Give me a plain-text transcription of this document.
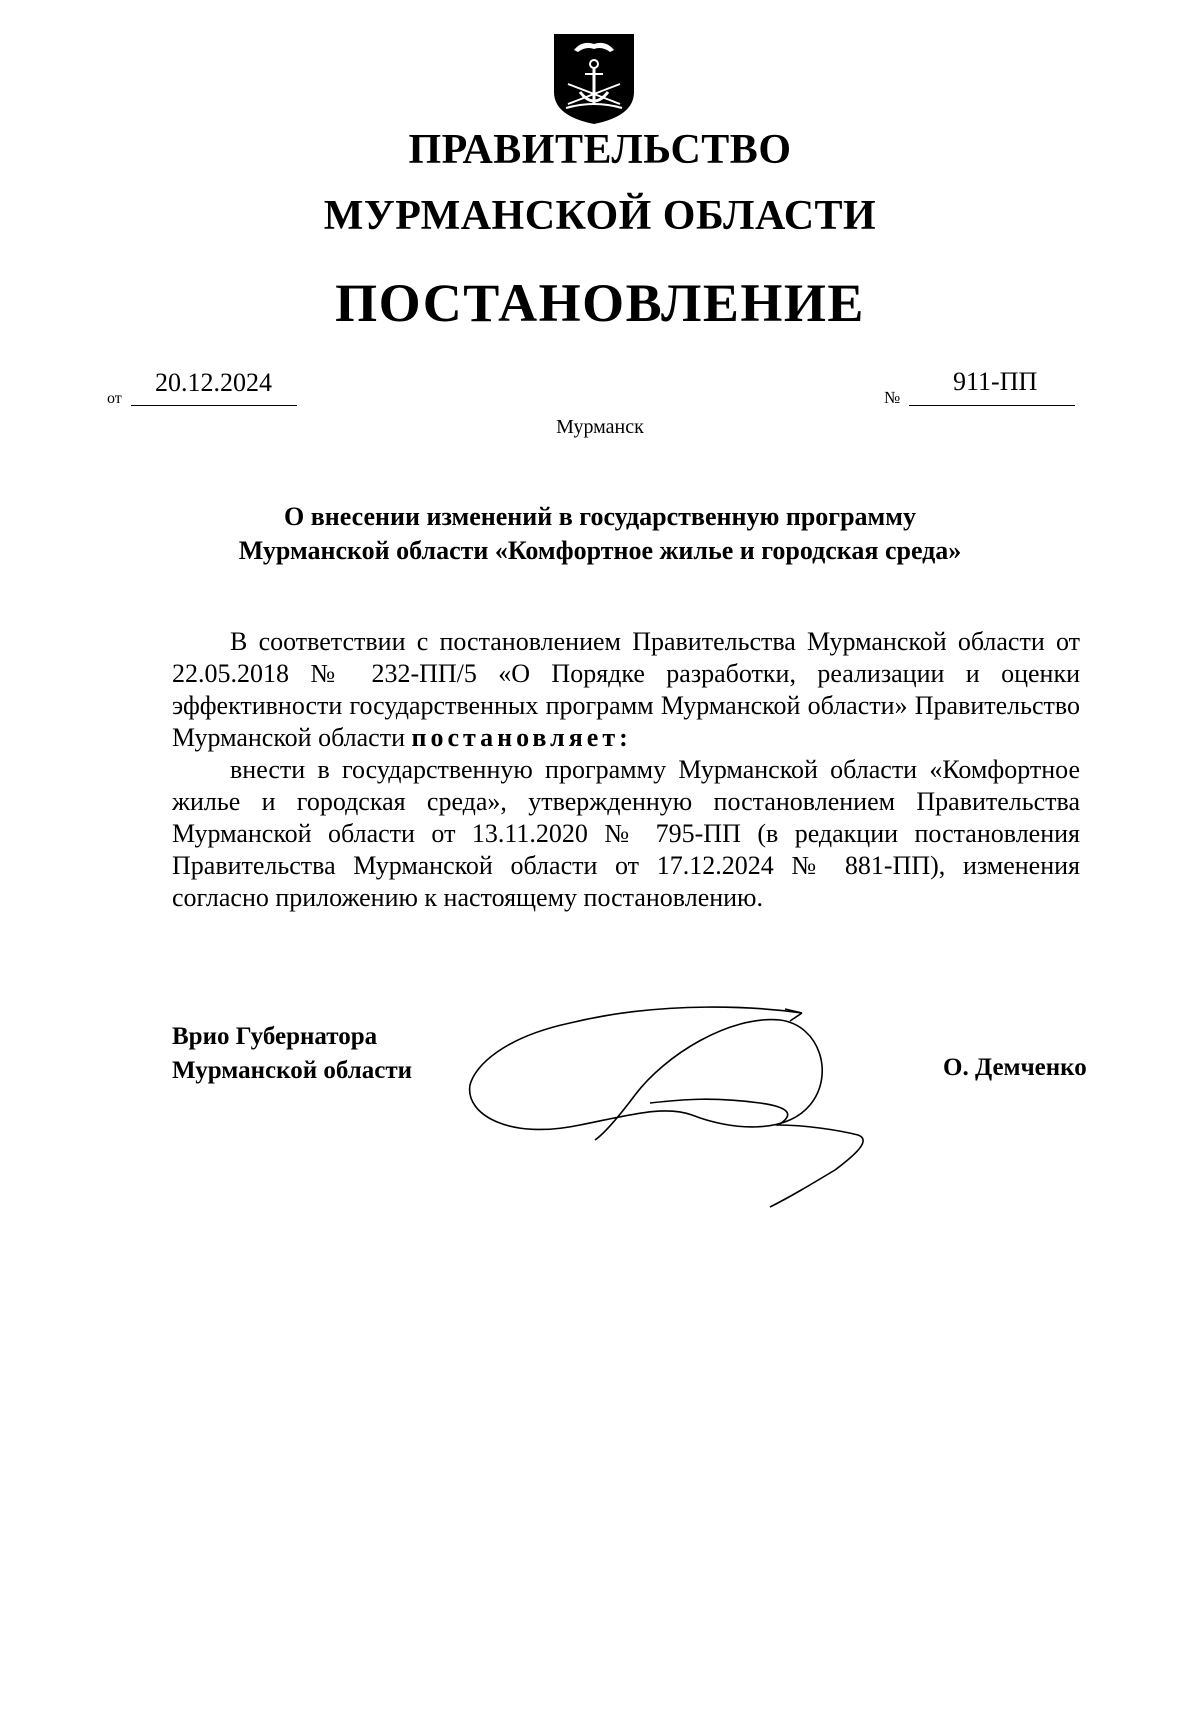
ПРАВИТЕЛЬСТВО
МУРМАНСКОЙ ОБЛАСТИ
ПОСТАНОВЛЕНИЕ
от
20.12.2024
№
911-ПП
Мурманск
О внесении изменений в государственную программу
Мурманской области «Комфортное жилье и городская среда»

В соответствии с постановлением Правительства Мурманской области от 22.05.2018 № 232-ПП/5 «О Порядке разработки, реализации и оценки эффективности государственных программ Мурманской области» Правительство Мурманской области постановляет:

внести в государственную программу Мурманской области «Комфортное жилье и городская среда», утвержденную постановлением Правительства Мурманской области от 13.11.2020 № 795-ПП (в редакции постановления Правительства Мурманской области от 17.12.2024 № 881-ПП), изменения согласно приложению к настоящему постановлению.

Врио Губернатора
Мурманской области	О. Демченко
